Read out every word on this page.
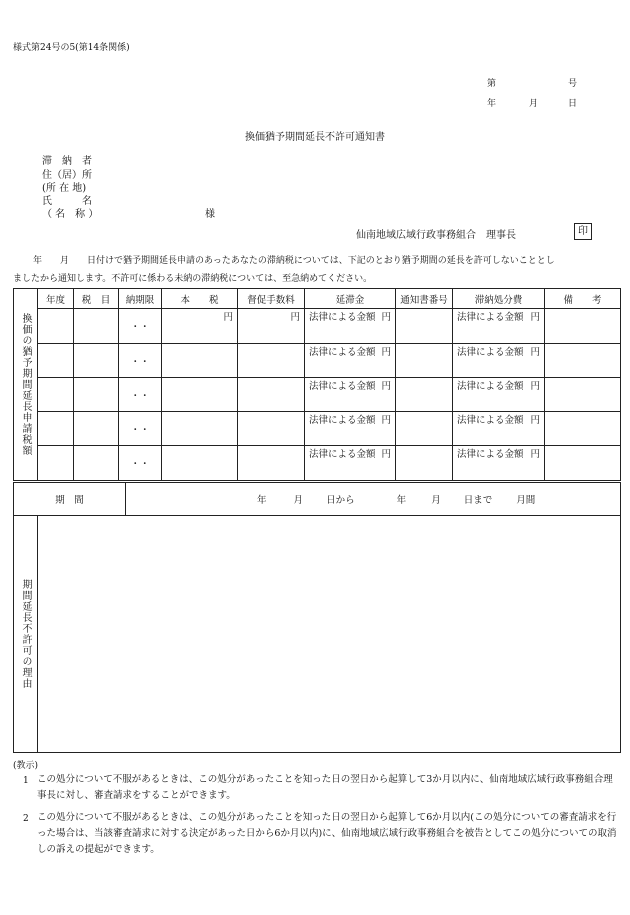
様式第24号の5(第14条関係)
第	号
年	月	日
換価猶予期間延長不許可通知書
滞　納　者
住（居）所
(所 在 地)
氏　　　名
（ 名　称 ）	様
仙南地域広域行政事務組合　理事長	印
年　　月　　日付けで猶予期間延長申請のあったあなたの滞納税については、下記のとおり猶予期間の延長を許可しないこととし
ましたから通知します。不許可に係わる未納の滞納税については、至急納めてください。
換価の猶予期間延長申請税額	年度	税　目	納期限	本　　税	督促手数料	延滞金	通知書番号	滞納処分費	備　　考
			・・	円	円	法律による金額 円		法律による金額 円	

			・・			法律による金額 円		法律による金額 円	

			・・			法律による金額 円		法律による金額 円	

			・・			法律による金額 円		法律による金額 円	

			・・			法律による金額 円		法律による金額 円	

期　間	年	月 日から	年	月 日まで	月間
期間延長不許可の理由

(教示)
1 この処分について不服があるときは、この処分があったことを知った日の翌日から起算して3か月以内に、仙南地域広域行政事務組合理事長に対し、審査請求をすることができます。
2 この処分について不服があるときは、この処分があったことを知った日の翌日から起算して6か月以内(この処分についての審査請求を行った場合は、当該審査請求に対する決定があった日から6か月以内)に、仙南地域広域行政事務組合を被告としてこの処分についての取消しの訴えの提起ができます。
